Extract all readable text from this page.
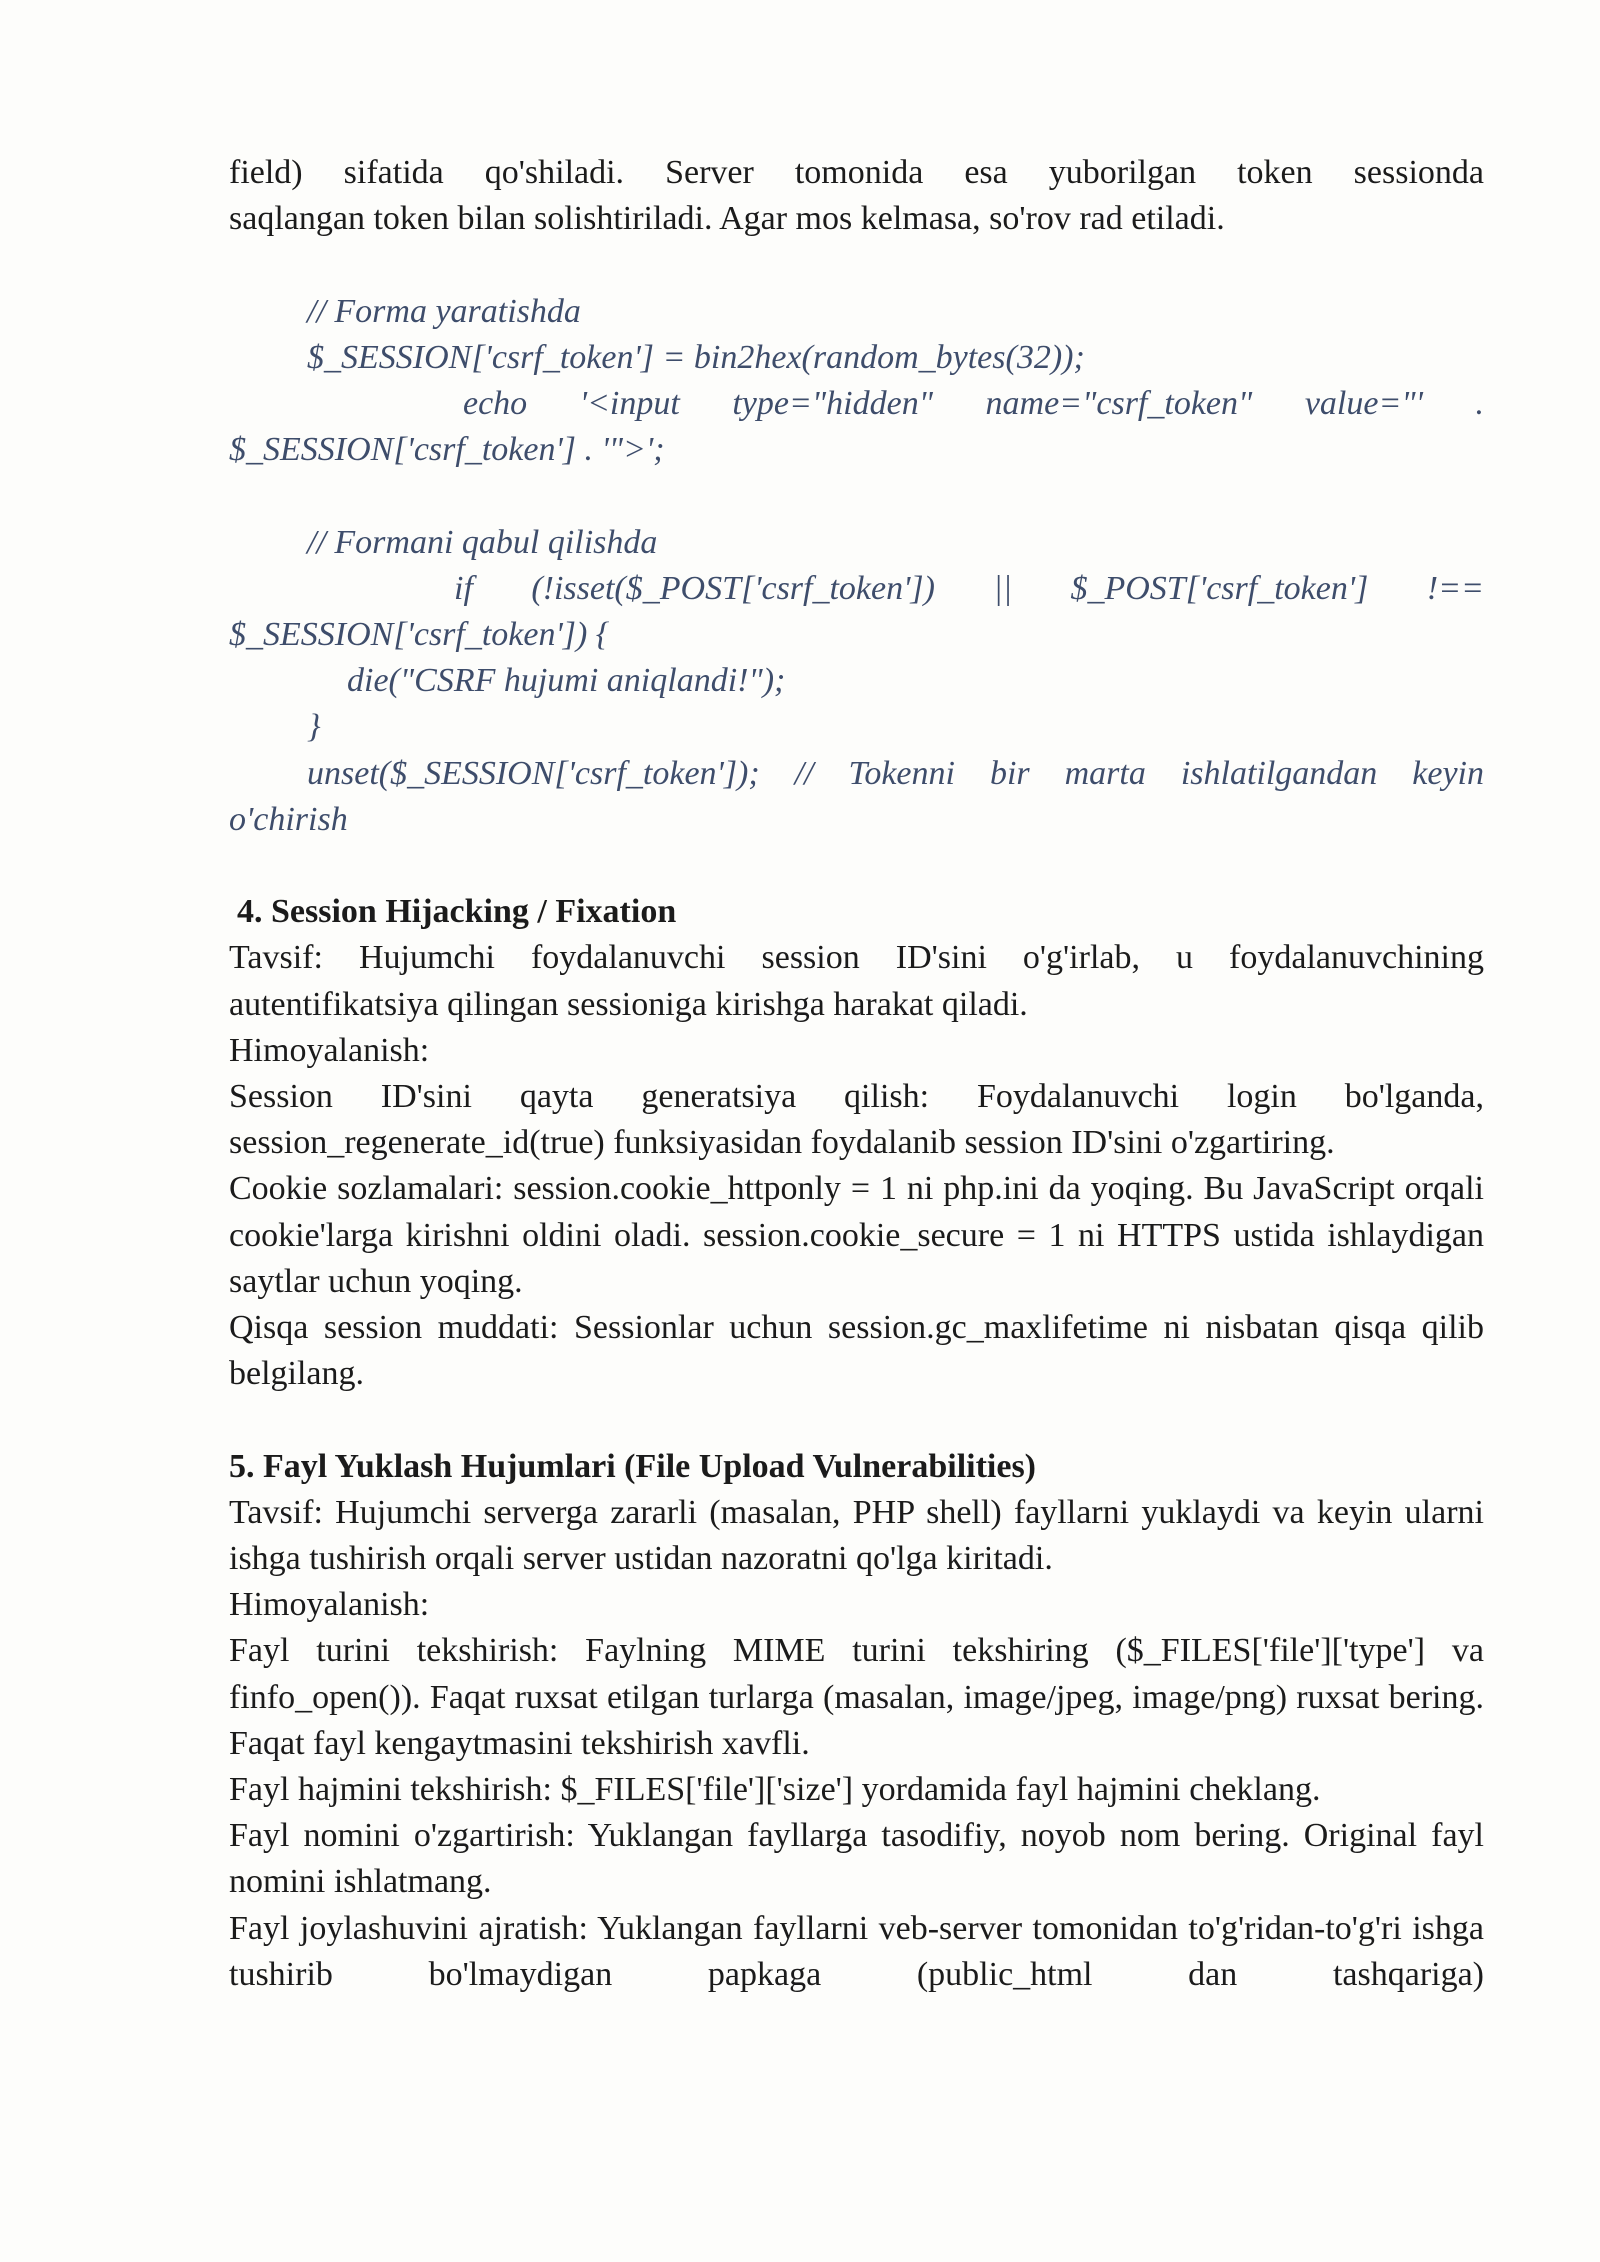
field) sifatida qo'shiladi. Server tomonida esa yuborilgan token sessionda

saqlangan token bilan solishtiriladi. Agar mos kelmasa, so'rov rad etiladi.

// Forma yaratishda
$_SESSION['csrf_token'] = bin2hex(random_bytes(32));
echo '<input type="hidden" name="csrf_token" value="' .
$_SESSION['csrf_token'] . '">';
// Formani qabul qilishda
if (!isset($_POST['csrf_token']) || $_POST['csrf_token'] !==
$_SESSION['csrf_token']) {
die("CSRF hujumi aniqlandi!");
}
unset($_SESSION['csrf_token']); // Tokenni bir marta ishlatilgandan keyin
o'chirish
4. Session Hijacking / Fixation

Tavsif: Hujumchi foydalanuvchi session ID'sini o'g'irlab, u foydalanuvchining autentifikatsiya qilingan sessioniga kirishga harakat qiladi.

Himoyalanish:

Session ID'sini qayta generatsiya qilish: Foydalanuvchi login bo'lganda, session_regenerate_id(true) funksiyasidan foydalanib session ID'sini o'zgartiring.

Cookie sozlamalari: session.cookie_httponly = 1 ni php.ini da yoqing. Bu JavaScript orqali cookie'larga kirishni oldini oladi. session.cookie_secure = 1 ni HTTPS ustida ishlaydigan saytlar uchun yoqing.

Qisqa session muddati: Sessionlar uchun session.gc_maxlifetime ni nisbatan qisqa qilib belgilang.

5. Fayl Yuklash Hujumlari (File Upload Vulnerabilities)

Tavsif: Hujumchi serverga zararli (masalan, PHP shell) fayllarni yuklaydi va keyin ularni ishga tushirish orqali server ustidan nazoratni qo'lga kiritadi.

Himoyalanish:

Fayl turini tekshirish: Faylning MIME turini tekshiring ($_FILES['file']['type'] va finfo_open()). Faqat ruxsat etilgan turlarga (masalan, image/jpeg, image/png) ruxsat bering. Faqat fayl kengaytmasini tekshirish xavfli.

Fayl hajmini tekshirish: $_FILES['file']['size'] yordamida fayl hajmini cheklang.

Fayl nomini o'zgartirish: Yuklangan fayllarga tasodifiy, noyob nom bering. Original fayl nomini ishlatmang.

Fayl joylashuvini ajratish: Yuklangan fayllarni veb-server tomonidan to'g'ridan-to'g'ri ishga tushirib bo'lmaydigan papkaga (public_html dan tashqariga)
